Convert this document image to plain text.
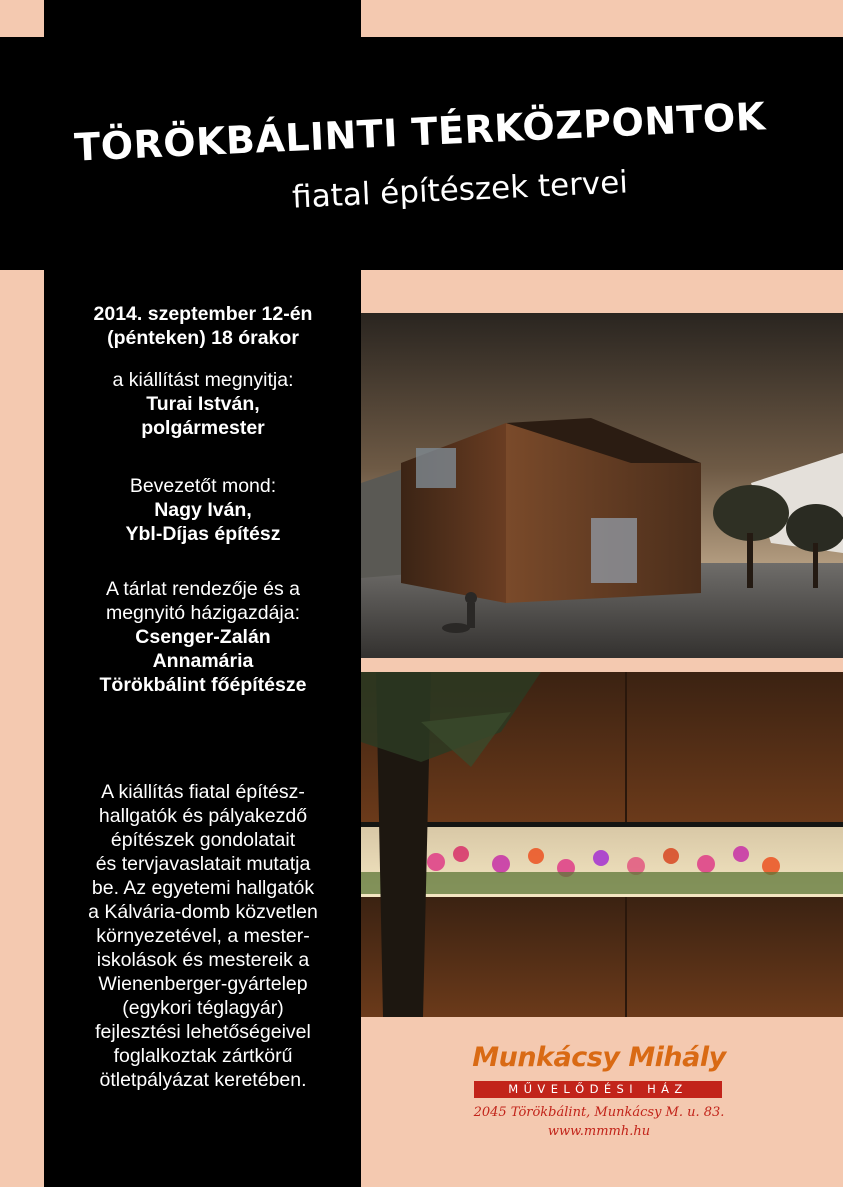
TÖRÖKBÁLINTI TÉRKÖZPONTOK
fiatal építészek tervei
2014. szeptember 12-én
(pénteken) 18 órakor
a kiállítást megnyitja:
Turai István,
polgármester
Bevezetőt mond:
Nagy Iván,
Ybl-Díjas építész
A tárlat rendezője és a
megnyitó házigazdája:
Csenger-Zalán
Annamária
Törökbálint főépítésze
A kiállítás fiatal építész-
hallgatók és pályakezdő
építészek gondolatait
és tervjavaslatait mutatja
be. Az egyetemi hallgatók
a Kálvária-domb közvetlen
környezetével, a mester-
iskolások és mestereik a
Wienenberger-gyártelep
(egykori téglagyár)
fejlesztési lehetőségeivel
foglalkoztak zártkörű
ötletpályázat keretében.
Munkácsy Mihály
MŰVELŐDÉSI HÁZ
2045 Törökbálint, Munkácsy M. u. 83.
www.mmmh.hu
